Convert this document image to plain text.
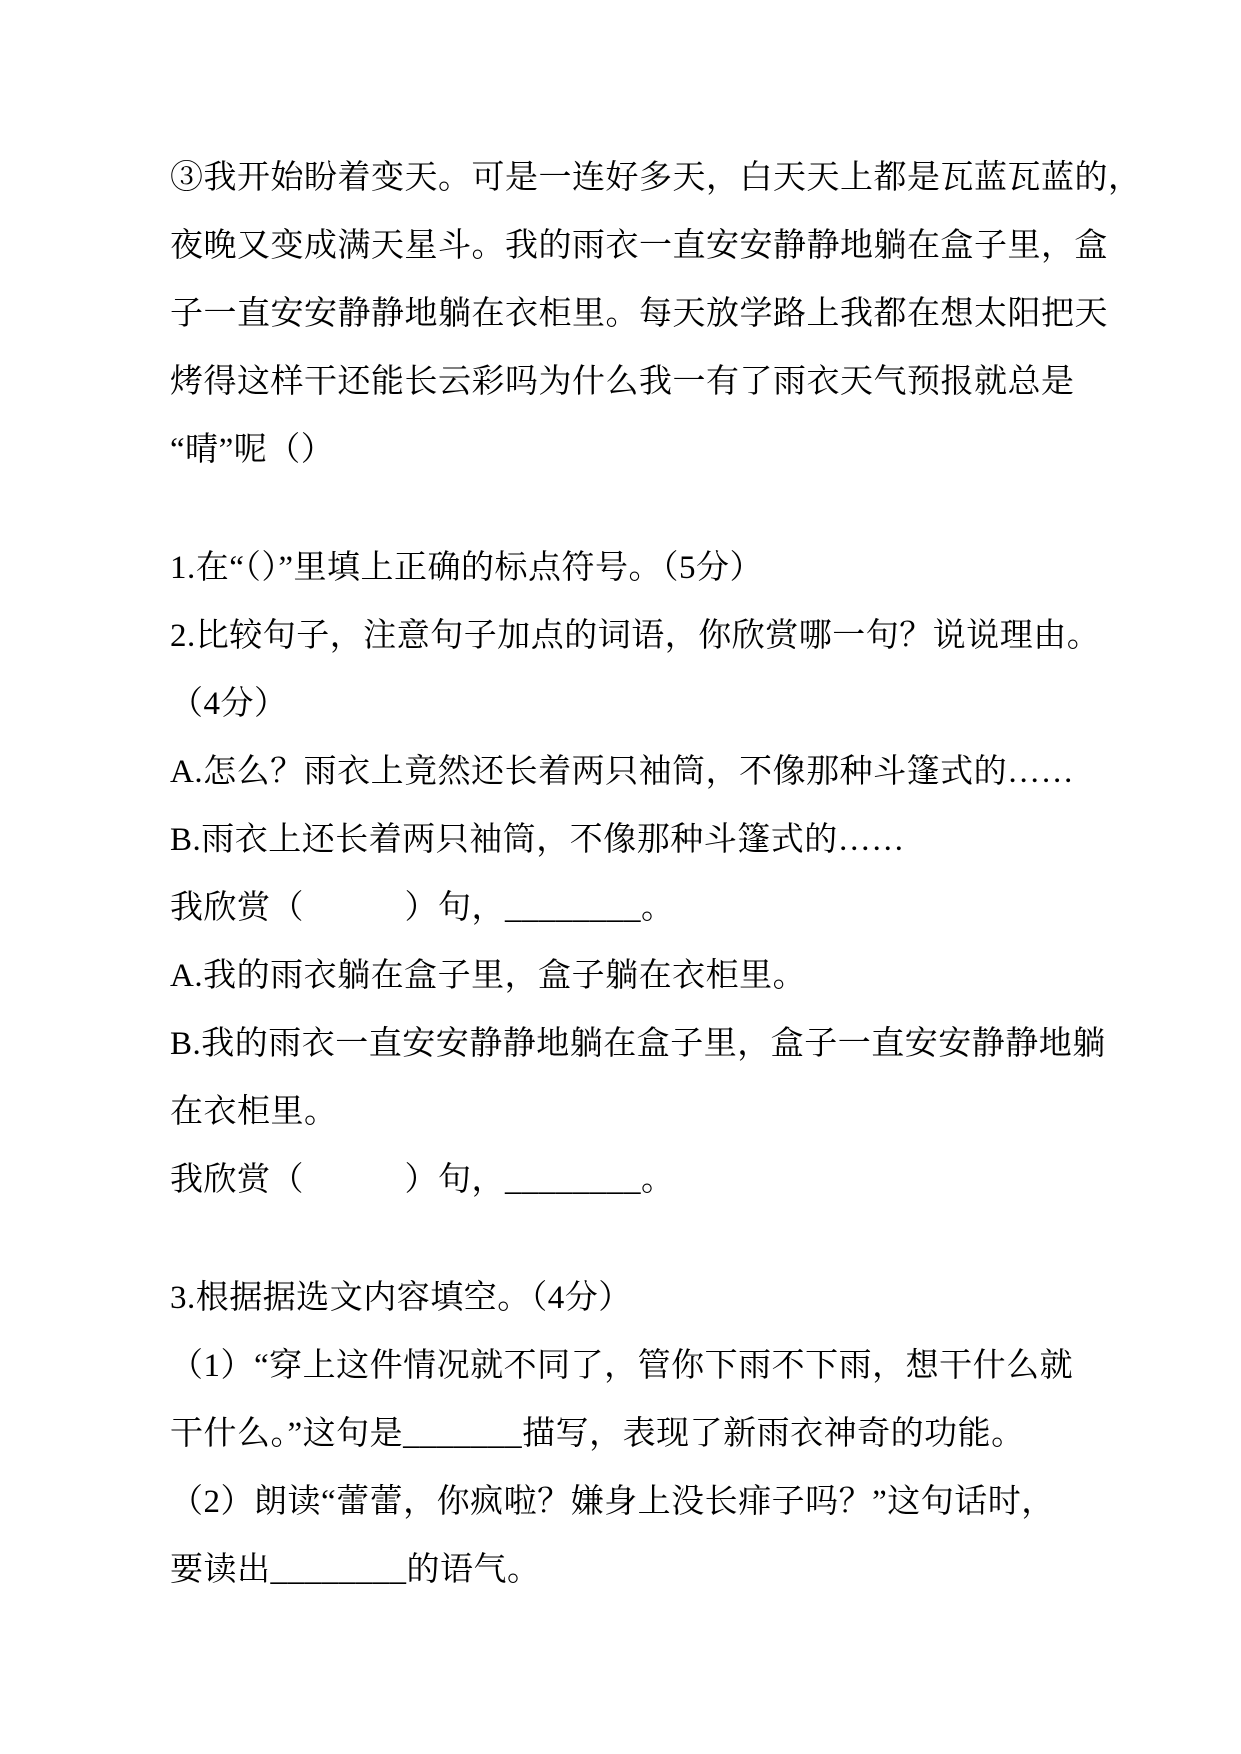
③我开始盼着变天。可是一连好多天，白天天上都是瓦蓝瓦蓝的，
夜晚又变成满天星斗。我的雨衣一直安安静静地躺在盒子里，盒
子一直安安静静地躺在衣柜里。每天放学路上我都在想太阳把天
烤得这样干还能长云彩吗为什么我一有了雨衣天气预报就总是
“晴”呢（）
1.在“（）”里填上正确的标点符号。（5分）
2.比较句子，注意句子加点的词语，你欣赏哪一句？说说理由。
（4分）
A.怎么？雨衣上竟然还长着两只袖筒，不像那种斗篷式的……
B.雨衣上还长着两只袖筒，不像那种斗篷式的……
我欣赏（　　　）句，________。
A.我的雨衣躺在盒子里，盒子躺在衣柜里。
B.我的雨衣一直安安静静地躺在盒子里，盒子一直安安静静地躺
在衣柜里。
我欣赏（　　　）句，________。
3.根据据选文内容填空。（4分）
（1）“穿上这件情况就不同了，管你下雨不下雨，想干什么就
干什么。”这句是_______描写，表现了新雨衣神奇的功能。
（2）朗读“蕾蕾，你疯啦？嫌身上没长痱子吗？”这句话时，
要读出________的语气。
